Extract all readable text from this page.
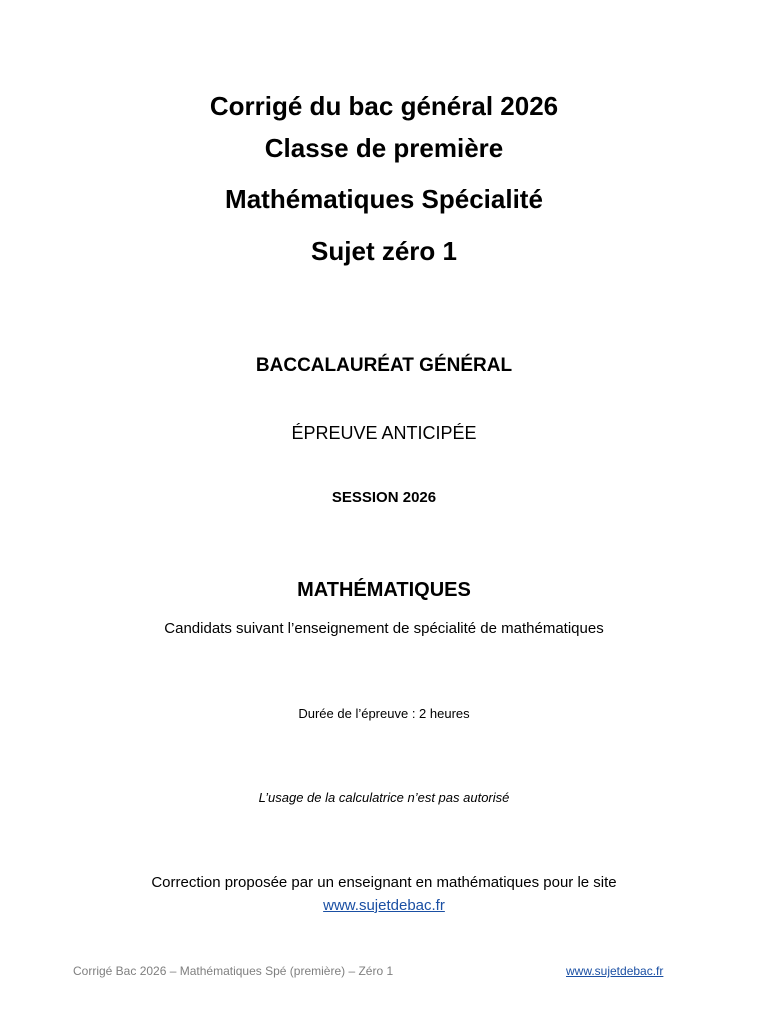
Corrigé du bac général 2026
Classe de première
Mathématiques Spécialité
Sujet zéro 1
BACCALAURÉAT GÉNÉRAL
ÉPREUVE ANTICIPÉE
SESSION 2026
MATHÉMATIQUES
Candidats suivant l’enseignement de spécialité de mathématiques
Durée de l’épreuve : 2 heures
L’usage de la calculatrice n’est pas autorisé
Correction proposée par un enseignant en mathématiques pour le site
www.sujetdebac.fr
Corrigé Bac 2026 – Mathématiques Spé (première) – Zéro 1	www.sujetdebac.fr
